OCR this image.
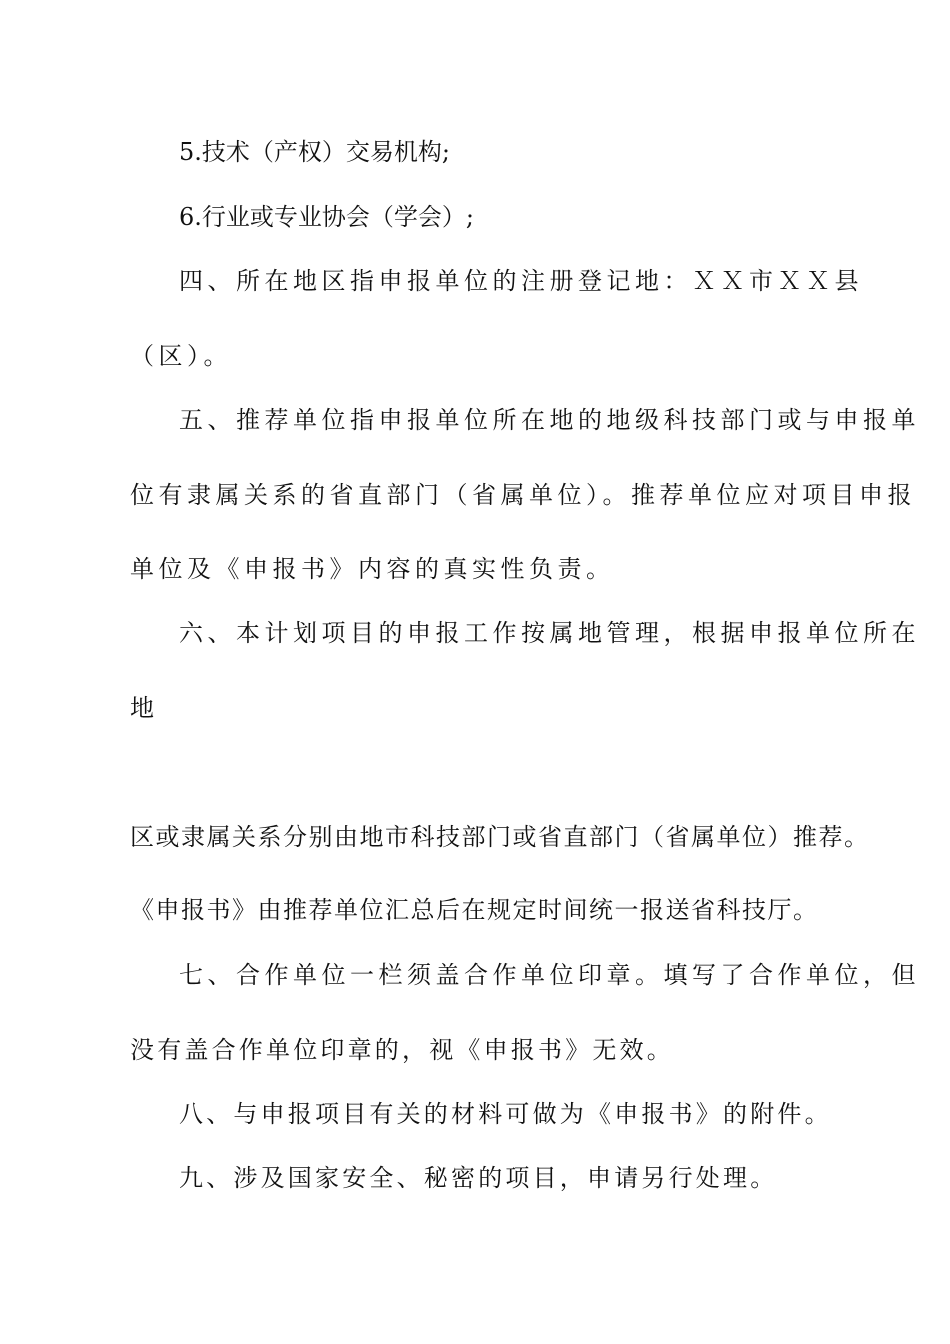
5.技术（产权）交易机构;

6.行业或专业协会（学会）;

四、所在地区指申报单位的注册登记地：ＸＸ市ＸＸ县

（区）。

五、推荐单位指申报单位所在地的地级科技部门或与申报单

位有隶属关系的省直部门（省属单位）。推荐单位应对项目申报

单位及《申报书》内容的真实性负责。

六、本计划项目的申报工作按属地管理，根据申报单位所在

地

区或隶属关系分别由地市科技部门或省直部门（省属单位）推荐。

《申报书》由推荐单位汇总后在规定时间统一报送省科技厅。

七、合作单位一栏须盖合作单位印章。填写了合作单位，但

没有盖合作单位印章的，视《申报书》无效。

八、与申报项目有关的材料可做为《申报书》的附件。

九、涉及国家安全、秘密的项目，申请另行处理。
